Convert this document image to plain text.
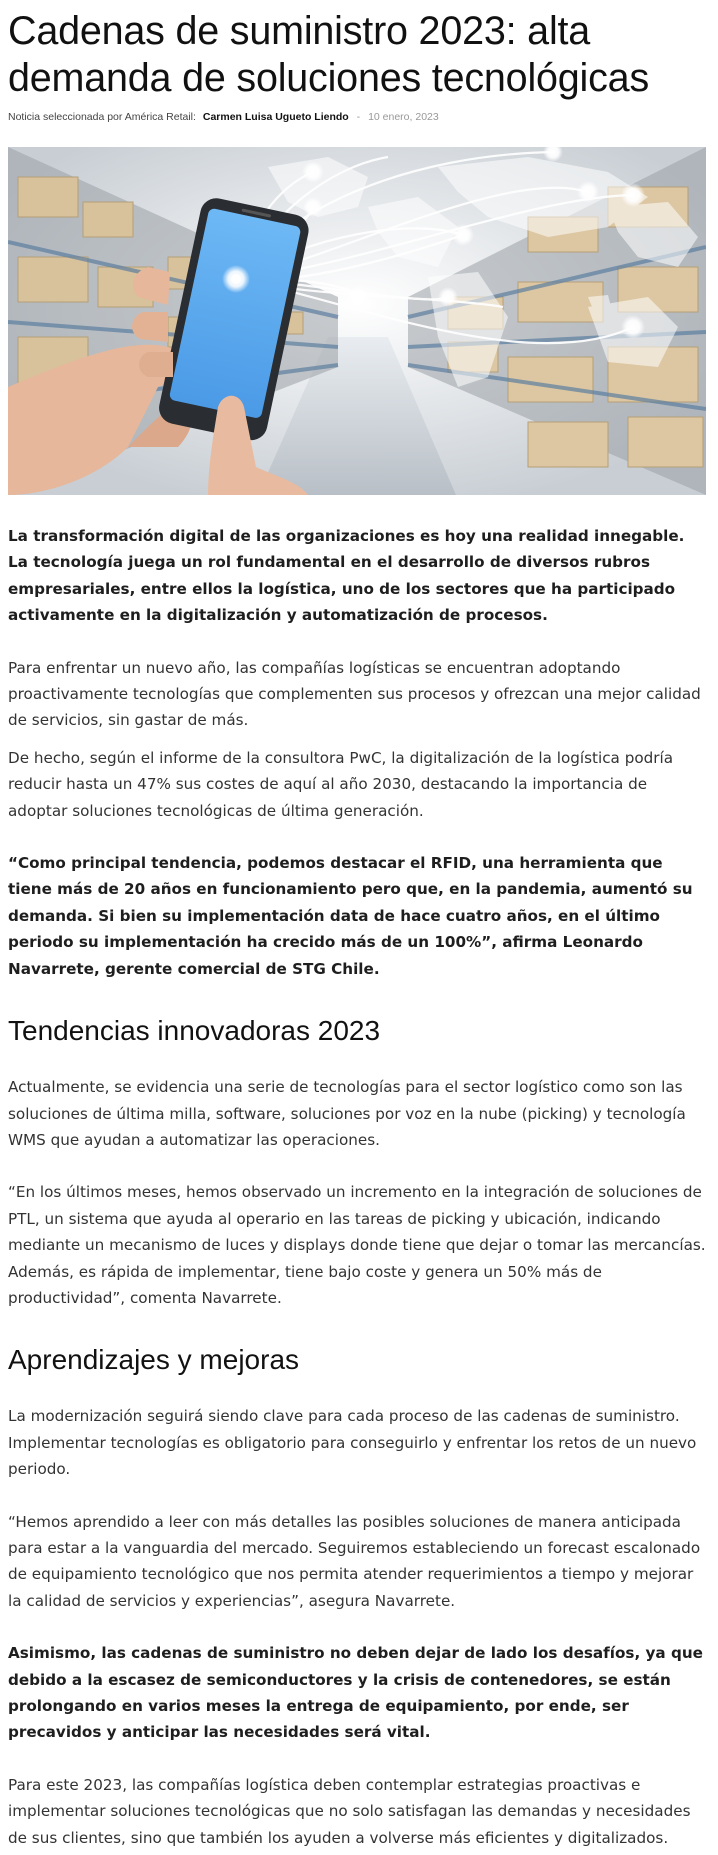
Cadenas de suministro 2023: alta demanda de soluciones tecnológicas
Noticia seleccionada por América Retail: Carmen Luisa Ugueto Liendo - 10 enero, 2023

La transformación digital de las organizaciones es hoy una realidad innegable. La tecnología juega un rol fundamental en el desarrollo de diversos rubros empresariales, entre ellos la logística, uno de los sectores que ha participado activamente en la digitalización y automatización de procesos.

Para enfrentar un nuevo año, las compañías logísticas se encuentran adoptando proactivamente tecnologías que complementen sus procesos y ofrezcan una mejor calidad de servicios, sin gastar de más.

De hecho, según el informe de la consultora PwC, la digitalización de la logística podría reducir hasta un 47% sus costes de aquí al año 2030, destacando la importancia de adoptar soluciones tecnológicas de última generación.

“Como principal tendencia, podemos destacar el RFID, una herramienta que tiene más de 20 años en funcionamiento pero que, en la pandemia, aumentó su demanda. Si bien su implementación data de hace cuatro años, en el último periodo su implementación ha crecido más de un 100%”, afirma Leonardo Navarrete, gerente comercial de STG Chile.

Tendencias innovadoras 2023

Actualmente, se evidencia una serie de tecnologías para el sector logístico como son las soluciones de última milla, software, soluciones por voz en la nube (picking) y tecnología WMS que ayudan a automatizar las operaciones.

“En los últimos meses, hemos observado un incremento en la integración de soluciones de PTL, un sistema que ayuda al operario en las tareas de picking y ubicación, indicando mediante un mecanismo de luces y displays donde tiene que dejar o tomar las mercancías. Además, es rápida de implementar, tiene bajo coste y genera un 50% más de productividad”, comenta Navarrete.

Aprendizajes y mejoras

La modernización seguirá siendo clave para cada proceso de las cadenas de suministro. Implementar tecnologías es obligatorio para conseguirlo y enfrentar los retos de un nuevo periodo.

“Hemos aprendido a leer con más detalles las posibles soluciones de manera anticipada para estar a la vanguardia del mercado. Seguiremos estableciendo un forecast escalonado de equipamiento tecnológico que nos permita atender requerimientos a tiempo y mejorar la calidad de servicios y experiencias”, asegura Navarrete.

Asimismo, las cadenas de suministro no deben dejar de lado los desafíos, ya que debido a la escasez de semiconductores y la crisis de contenedores, se están prolongando en varios meses la entrega de equipamiento, por ende, ser precavidos y anticipar las necesidades será vital.

Para este 2023, las compañías logística deben contemplar estrategias proactivas e implementar soluciones tecnológicas que no solo satisfagan las demandas y necesidades de sus clientes, sino que también los ayuden a volverse más eficientes y digitalizados.
